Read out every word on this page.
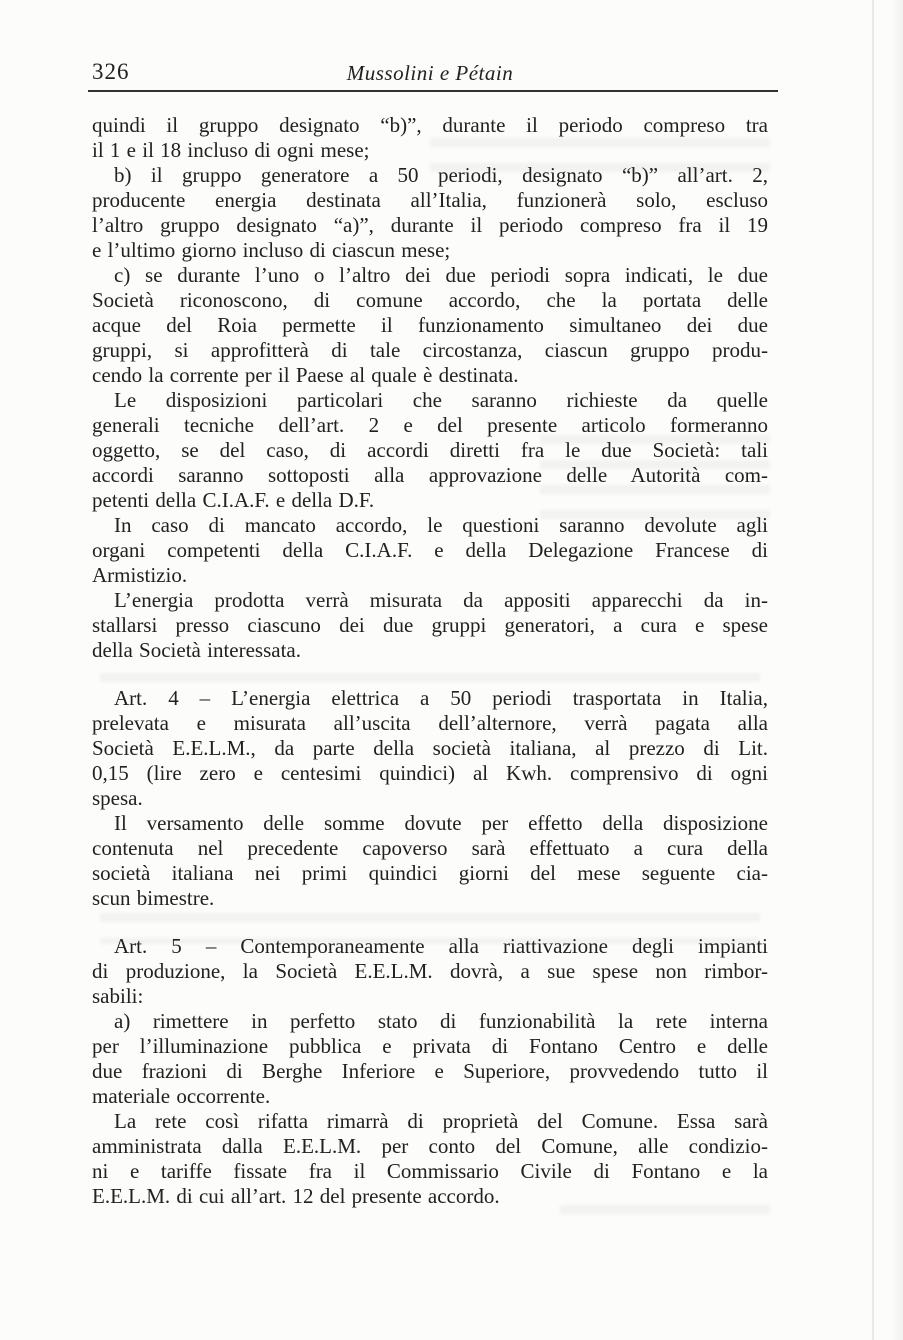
326	Mussolini e Pétain
quindi il gruppo designato “b)”, durante il periodo compreso tra
il 1 e il 18 incluso di ogni mese;
b) il gruppo generatore a 50 periodi, designato “b)” all’art. 2,
producente energia destinata all’Italia, funzionerà solo, escluso
l’altro gruppo designato “a)”, durante il periodo compreso fra il 19
e l’ultimo giorno incluso di ciascun mese;
c) se durante l’uno o l’altro dei due periodi sopra indicati, le due
Società riconoscono, di comune accordo, che la portata delle
acque del Roia permette il funzionamento simultaneo dei due
gruppi, si approfitterà di tale circostanza, ciascun gruppo produ-
cendo la corrente per il Paese al quale è destinata.
Le disposizioni particolari che saranno richieste da quelle
generali tecniche dell’art. 2 e del presente articolo formeranno
oggetto, se del caso, di accordi diretti fra le due Società: tali
accordi saranno sottoposti alla approvazione delle Autorità com-
petenti della C.I.A.F. e della D.F.
In caso di mancato accordo, le questioni saranno devolute agli
organi competenti della C.I.A.F. e della Delegazione Francese di
Armistizio.
L’energia prodotta verrà misurata da appositi apparecchi da in-
stallarsi presso ciascuno dei due gruppi generatori, a cura e spese
della Società interessata.
Art. 4 – L’energia elettrica a 50 periodi trasportata in Italia,
prelevata e misurata all’uscita dell’alternore, verrà pagata alla
Società E.E.L.M., da parte della società italiana, al prezzo di Lit.
0,15 (lire zero e centesimi quindici) al Kwh. comprensivo di ogni
spesa.
Il versamento delle somme dovute per effetto della disposizione
contenuta nel precedente capoverso sarà effettuato a cura della
società italiana nei primi quindici giorni del mese seguente cia-
scun bimestre.
Art. 5 – Contemporaneamente alla riattivazione degli impianti
di produzione, la Società E.E.L.M. dovrà, a sue spese non rimbor-
sabili:
a) rimettere in perfetto stato di funzionabilità la rete interna
per l’illuminazione pubblica e privata di Fontano Centro e delle
due frazioni di Berghe Inferiore e Superiore, provvedendo tutto il
materiale occorrente.
La rete così rifatta rimarrà di proprietà del Comune. Essa sarà
amministrata dalla E.E.L.M. per conto del Comune, alle condizio-
ni e tariffe fissate fra il Commissario Civile di Fontano e la
E.E.L.M. di cui all’art. 12 del presente accordo.
